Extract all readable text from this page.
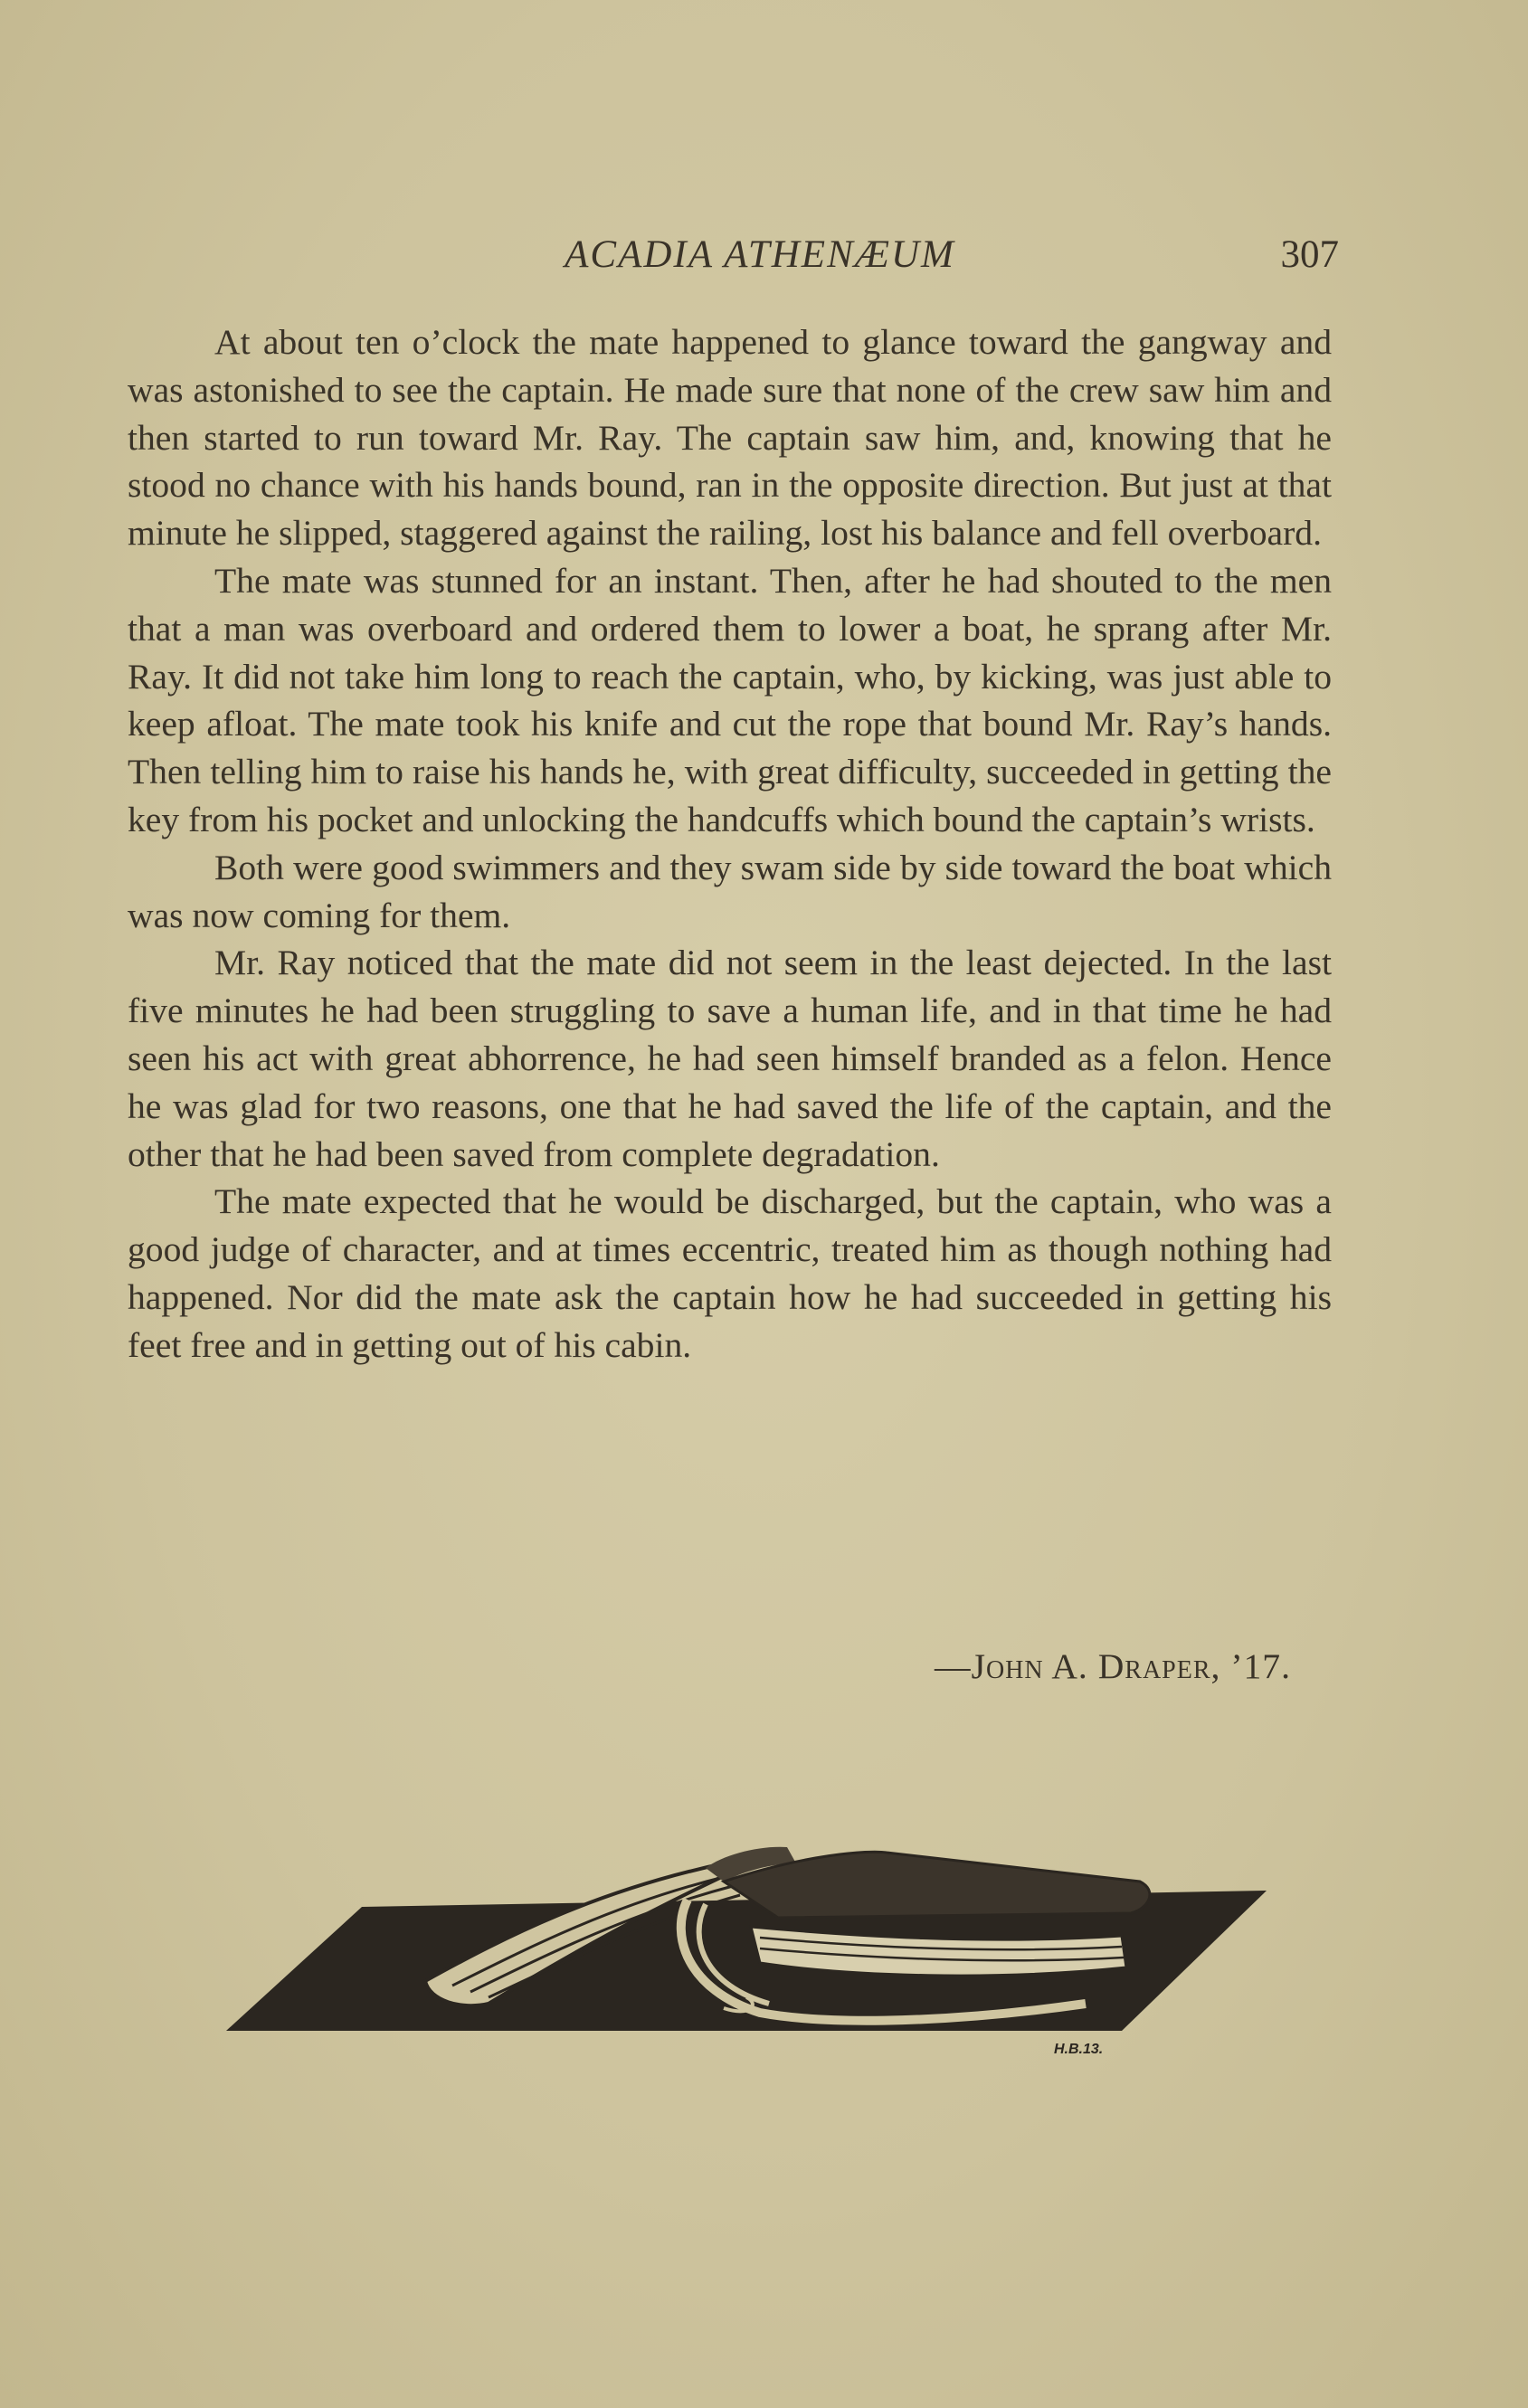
ACADIA ATHENÆUM	307

At about ten o’clock the mate happened to glance toward the gangway and was astonished to see the captain. He made sure that none of the crew saw him and then started to run toward Mr. Ray. The captain saw him, and, knowing that he stood no chance with his hands bound, ran in the opposite direction. But just at that minute he slipped, staggered against the railing, lost his balance and fell overboard.

The mate was stunned for an instant. Then, after he had shouted to the men that a man was overboard and ordered them to lower a boat, he sprang after Mr. Ray. It did not take him long to reach the captain, who, by kicking, was just able to keep afloat. The mate took his knife and cut the rope that bound Mr. Ray’s hands. Then telling him to raise his hands he, with great difficulty, succeeded in getting the key from his pocket and unlocking the handcuffs which bound the captain’s wrists.

Both were good swimmers and they swam side by side toward the boat which was now coming for them.

Mr. Ray noticed that the mate did not seem in the least dejected. In the last five minutes he had been struggling to save a human life, and in that time he had seen his act with great abhorrence, he had seen himself branded as a felon. Hence he was glad for two reasons, one that he had saved the life of the captain, and the other that he had been saved from complete degradation.

The mate expected that he would be discharged, but the captain, who was a good judge of character, and at times eccentric, treated him as though nothing had happened. Nor did the mate ask the captain how he had succeeded in getting his feet free and in getting out of his cabin.

—John A. Draper, ’17.
H.B.13.
